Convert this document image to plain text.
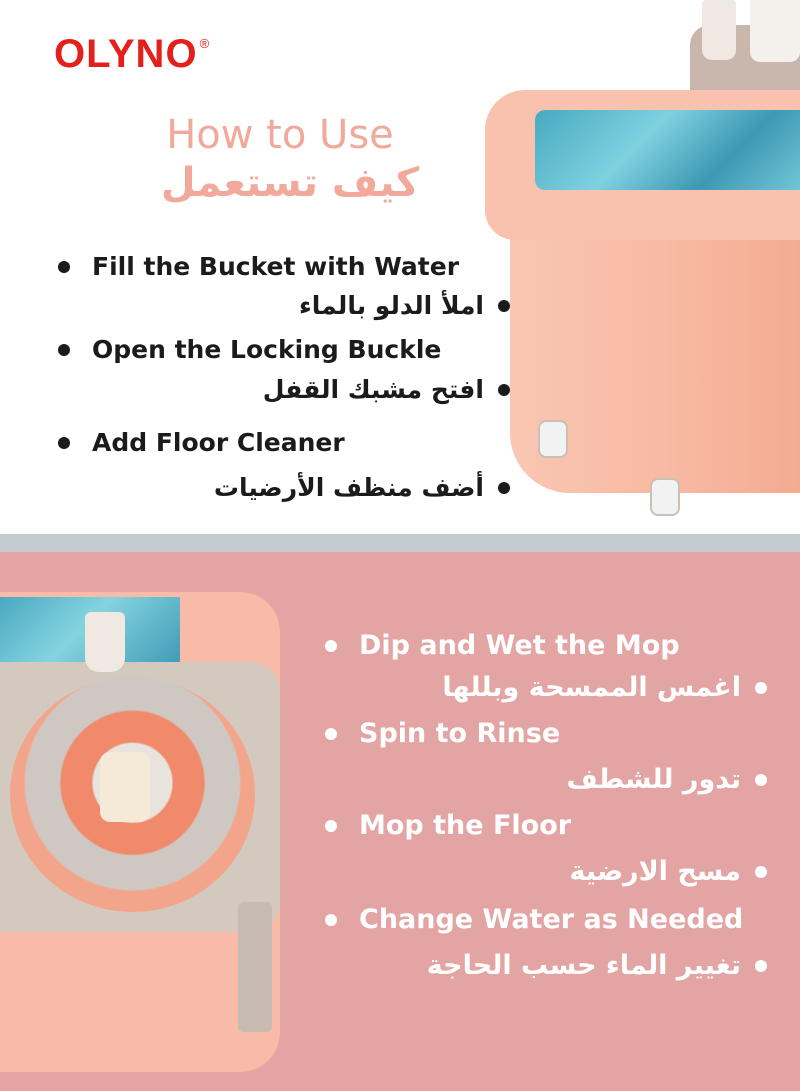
OLYNO ®
How to Use
كيف تستعمل
Fill the Bucket with Water
املأ الدلو بالماء
Open the Locking Buckle
افتح مشبك القفل
Add Floor Cleaner
أضف منظف الأرضيات
Dip and Wet the Mop
اغمس الممسحة وبللها
Spin to Rinse
تدور للشطف
Mop the Floor
مسح الارضية
Change Water as Needed
تغيير الماء حسب الحاجة
